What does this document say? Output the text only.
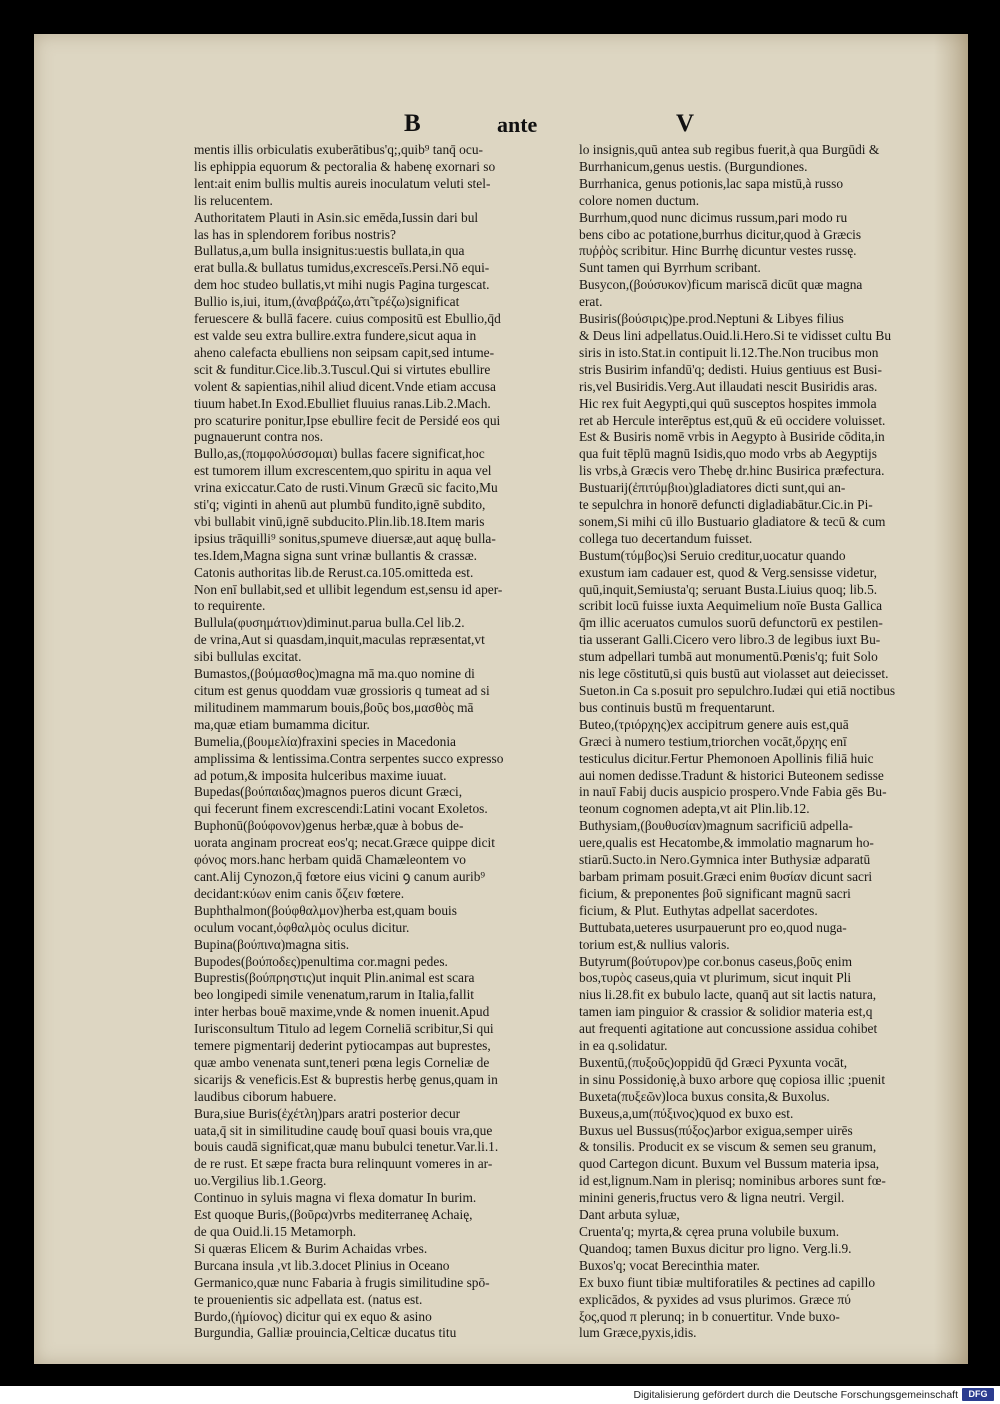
B	ante	V
mentis illis orbiculatis exuberātibus'q;,quib⁹ tanq̄ ocu-
lis ephippia equorum & pectoralia & habenę exornari so
lent:ait enim bullis multis aureis inoculatum veluti stel-
lis relucentem.
Authoritatem Plauti in Asin.sic emēda,Iussin dari bul
las has in splendorem foribus nostris?
Bullatus,a,um bulla insignitus:uestis bullata,in qua
erat bulla.& bullatus tumidus,excresceīs.Persi.Nō equi-
dem hoc studeo bullatis,vt mihi nugis Pagina turgescat.
Bullio is,iui, itum,(ἀναβράζω,ἀτι̃ τρέζω)significat
feruescere & bullā facere. cuius compositū est Ebullio,q̄d
est valde seu extra bullire.extra fundere,sicut aqua in
aheno calefacta ebulliens non seipsam capit,sed intume-
scit & funditur.Cice.lib.3.Tuscul.Qui si virtutes ebullire
volent & sapientias,nihil aliud dicent.Vnde etiam accusa
tiuum habet.In Exod.Ebulliet fluuius ranas.Lib.2.Mach.
pro scaturire ponitur,Ipse ebullire fecit de Persidé eos qui
pugnauerunt contra nos.
Bullo,as,(πομφολύσσομαι) bullas facere significat,hoc
est tumorem illum excrescentem,quo spiritu in aqua vel
vrina exiccatur.Cato de rusti.Vinum Græcū sic facito,Mu
sti'q; viginti in ahenū aut plumbū fundito,ignē subdito,
vbi bullabit vinū,ignē subducito.Plin.lib.18.Item maris
ipsius trāquilli⁹ sonitus,spumeve diuersæ,aut aquę bulla-
tes.Idem,Magna signa sunt vrinæ bullantis & crassæ.
Catonis authoritas lib.de Rerust.ca.105.omitteda est.
Non enī bullabit,sed et ullibit legendum est,sensu id aper-
to requirente.
Bullula(φυσημάτιον)diminut.parua bulla.Cel lib.2.
de vrina,Aut si quasdam,inquit,maculas repræsentat,vt
sibi bullulas excitat.
Bumastos,(βούμασθος)magna mā ma.quo nomine di
citum est genus quoddam vuæ grossioris q tumeat ad si
militudinem mammarum bouis,βοῦς bos,μασθὸς mā
ma,quæ etiam bumamma dicitur.
Bumelia,(βουμελία)fraxini species in Macedonia
amplissima & lentissima.Contra serpentes succo expresso
ad potum,& imposita hulceribus maxime iuuat.
Bupedas(βούπαιδας)magnos pueros dicunt Græci,
qui fecerunt finem excrescendi:Latini vocant Exoletos.
Buphonū(βούφονον)genus herbæ,quæ à bobus de-
uorata anginam procreat eos'q; necat.Græce quippe dicit
φόνος mors.hanc herbam quidā Chamæleontem vo
cant.Alij Cynozon,q̄ fœtore eius vicini ꝯ canum aurib⁹
decidant:κύων enim canis ὄζειν fœtere.
Buphthalmon(βούφθαλμον)herba est,quam bouis
oculum vocant,ὀφθαλμὸς oculus dicitur.
Bupina(βούπινα)magna sitis.
Bupodes(βούποδες)penultima cor.magni pedes.
Buprestis(βούπρηστις)ut inquit Plin.animal est scara
beo longipedi simile venenatum,rarum in Italia,fallit
inter herbas bouē maxime,vnde & nomen inuenit.Apud
Iurisconsultum Titulo ad legem Corneliā scribitur,Si qui
temere pigmentarij dederint pytiocampas aut buprestes,
quæ ambo venenata sunt,teneri pœna legis Corneliæ de
sicarijs & veneficis.Est & buprestis herbę genus,quam in
laudibus ciborum habuere.
Bura,siue Buris(ἐχέτλη)pars aratri posterior decur
uata,q̄ sit in similitudine caudę bouī quasi bouis vra,que
bouis caudā significat,quæ manu bubulci tenetur.Var.li.1.
de re rust. Et sæpe fracta bura relinquunt vomeres in ar-
uo.Vergilius lib.1.Georg.
Continuo in syluis magna vi flexa domatur In burim.
Est quoque Buris,(βοῦρα)vrbs mediterraneę Achaię,
de qua Ouid.li.15 Metamorph.
Si quæras Elicem & Burim Achaidas vrbes.
Burcana insula ,vt lib.3.docet Plinius in Oceano
Germanico,quæ nunc Fabaria à frugis similitudine spō-
te prouenientis sic adpellata est. (natus est.
Burdo,(ἡμίονος) dicitur qui ex equo & asino
Burgundia, Galliæ prouincia,Celticæ ducatus titu
lo insignis,quū antea sub regibus fuerit,à qua Burgūdi &
Burrhanicum,genus uestis. (Burgundiones.
Burrhanica, genus potionis,lac sapa mistū,à russo
colore nomen ductum.
Burrhum,quod nunc dicimus russum,pari modo ru
bens cibo ac potatione,burrhus dicitur,quod à Græcis
πυῤῥὸς scribitur. Hinc Burrhę dicuntur vestes russę.
Sunt tamen qui Byrrhum scribant.
Busycon,(βούσυκον)ficum mariscā dicūt quæ magna
erat.
Busiris(βούσιρις)pe.prod.Neptuni & Libyes filius
& Deus lini adpellatus.Ouid.li.Hero.Si te vidisset cultu Bu
siris in isto.Stat.in contipuit li.12.The.Non trucibus mon
stris Busirim infandū'q; dedisti. Huius gentiuus est Busi-
ris,vel Busiridis.Verg.Aut illaudati nescit Busiridis aras.
Hic rex fuit Aegypti,qui quū susceptos hospites immola
ret ab Hercule interēptus est,quū & eū occidere voluisset.
Est & Busiris nomē vrbis in Aegypto à Busiride cōdita,in
qua fuit tēplū magnū Isidis,quo modo vrbs ab Aegyptijs
lis vrbs,à Græcis vero Thebę dr.hinc Busirica præfectura.
Bustuarij(ἐπιτύμβιοι)gladiatores dicti sunt,qui an-
te sepulchra in honorē defuncti digladiabātur.Cic.in Pi-
sonem,Si mihi cū illo Bustuario gladiatore & tecū & cum
collega tuo decertandum fuisset.
Bustum(τύμβος)si Seruio creditur,uocatur quando
exustum iam cadauer est, quod & Verg.sensisse videtur,
quū,inquit,Semiusta'q; seruant Busta.Liuius quoq; lib.5.
scribit locū fuisse iuxta Aequimelium noīe Busta Gallica
q̄m illic aceruatos cumulos suorū defunctorū ex pestilen-
tia usserant Galli.Cicero vero libro.3 de legibus iuxt Bu-
stum adpellari tumbā aut monumentū.Pœnis'q; fuit Solo
nis lege cōstitutū,si quis bustū aut violasset aut deiecisset.
Sueton.in Ca s.posuit pro sepulchro.Iudæi qui etiā noctibus
bus continuis bustū m frequentarunt.
Buteo,(τριόρχης)ex accipitrum genere auis est,quā
Græci à numero testium,triorchen vocāt,ὄρχης enī
testiculus dicitur.Fertur Phemonoen Apollinis filiā huic
aui nomen dedisse.Tradunt & historici Buteonem sedisse
in nauī Fabij ducis auspicio prospero.Vnde Fabia gēs Bu-
teonum cognomen adepta,vt ait Plin.lib.12.
Buthysiam,(βουθυσίαν)magnum sacrificiū adpella-
uere,qualis est Hecatombe,& immolatio magnarum ho-
stiarū.Sucto.in Nero.Gymnica inter Buthysiæ adparatū
barbam primam posuit.Græci enim θυσίαν dicunt sacri
ficium, & preponentes βοῦ significant magnū sacri
ficium, & Plut. Euthytas adpellat sacerdotes.
Buttubata,ueteres usurpauerunt pro eo,quod nuga-
torium est,& nullius valoris.
Butyrum(βούτυρον)pe cor.bonus caseus,βοῦς enim
bos,τυρὸς caseus,quia vt plurimum, sicut inquit Pli
nius li.28.fit ex bubulo lacte, quanq̄ aut sit lactis natura,
tamen iam pinguior & crassior & solidior materia est,q
aut frequenti agitatione aut concussione assidua cohibet
in ea q.solidatur.
Buxentū,(πυξοῦς)oppidū q̄d Græci Pyxunta vocāt,
in sinu Possidonię,à buxo arbore quę copiosa illic ;puenit
Buxeta(πυξεῶν)loca buxus consita,& Buxolus.
Buxeus,a,um(πύξινος)quod ex buxo est.
Buxus uel Bussus(πύξος)arbor exigua,semper uirēs
& tonsilis. Producit ex se viscum & semen seu granum,
quod Cartegon dicunt. Buxum vel Bussum materia ipsa,
id est,lignum.Nam in plerisq; nominibus arbores sunt fœ-
minini generis,fructus vero & ligna neutri. Vergil.
Dant arbuta syluæ,
Cruenta'q; myrta,& cęrea pruna volubile buxum.
Quandoq; tamen Buxus dicitur pro ligno. Verg.li.9.
Buxos'q; vocat Berecinthia mater.
Ex buxo fiunt tibiæ multiforatiles & pectines ad capillo
explicādos, & pyxides ad vsus plurimos. Græce πύ
ξος,quod π plerunq; in b conuertitur. Vnde buxo-
lum Græce,pyxis,idis.
Digitalisierung gefördert durch die Deutsche Forschungsgemeinschaft	DFG
